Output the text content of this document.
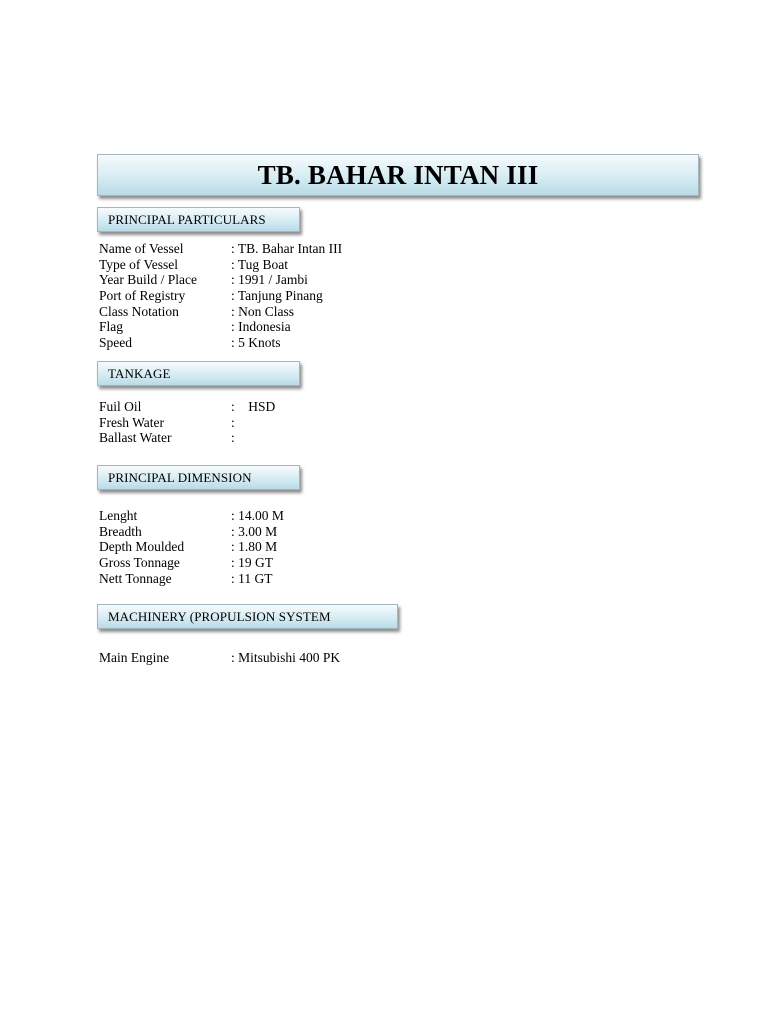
TB. BAHAR INTAN III
PRINCIPAL PARTICULARS
Name of Vessel	: TB. Bahar Intan III
Type of Vessel	: Tug Boat
Year Build / Place	: 1991 / Jambi
Port of Registry	: Tanjung Pinang
Class Notation	: Non Class
Flag	: Indonesia
Speed	: 5 Knots
TANKAGE
Fuil Oil	:    HSD
Fresh Water	:
Ballast Water	:
PRINCIPAL DIMENSION
Lenght	: 14.00 M
Breadth	: 3.00 M
Depth Moulded	: 1.80 M
Gross Tonnage	: 19 GT
Nett Tonnage	: 11 GT
MACHINERY (PROPULSION SYSTEM
Main Engine	: Mitsubishi 400 PK
